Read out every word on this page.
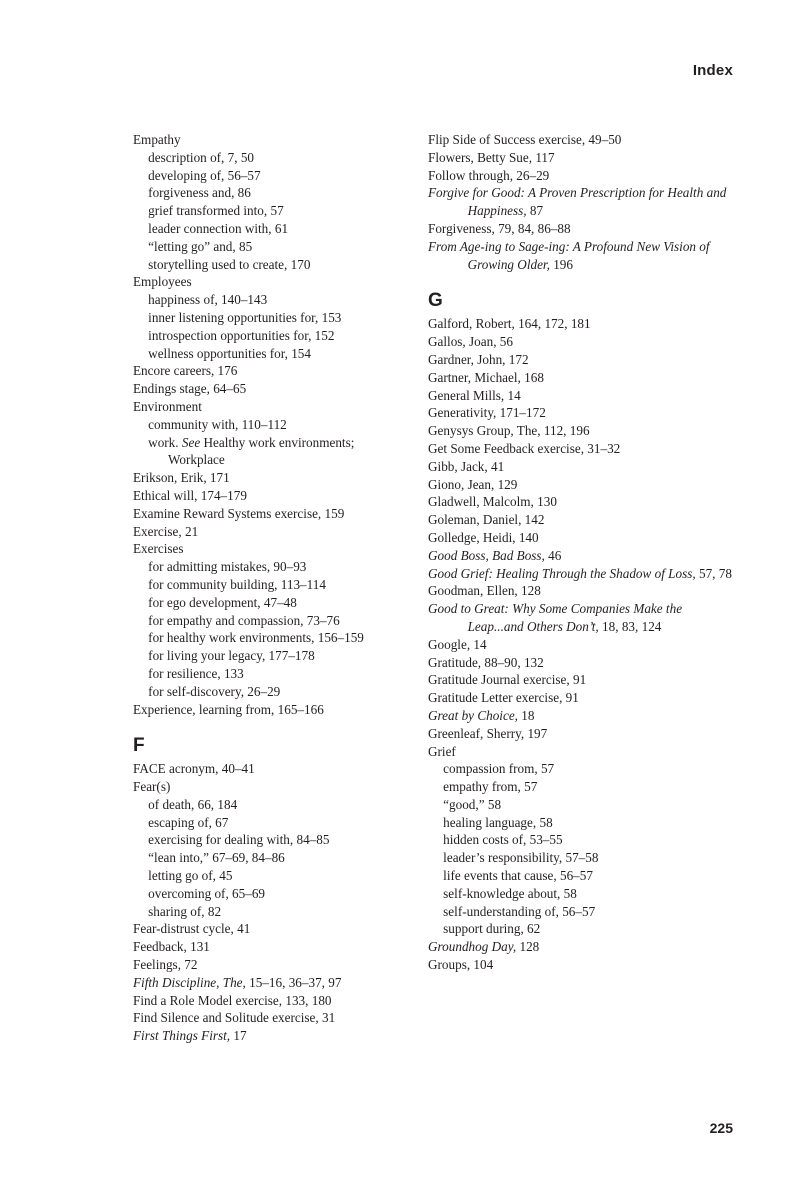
Index

Empathy

description of, 7, 50

developing of, 56–57

forgiveness and, 86

grief transformed into, 57

leader connection with, 61

“letting go” and, 85

storytelling used to create, 170

Employees

happiness of, 140–143

inner listening opportunities for, 153

introspection opportunities for, 152

wellness opportunities for, 154

Encore careers, 176

Endings stage, 64–65

Environment

community with, 110–112

work. See Healthy work environments; Workplace

Erikson, Erik, 171

Ethical will, 174–179

Examine Reward Systems exercise, 159

Exercise, 21

Exercises

for admitting mistakes, 90–93

for community building, 113–114

for ego development, 47–48

for empathy and compassion, 73–76

for healthy work environments, 156–159

for living your legacy, 177–178

for resilience, 133

for self-discovery, 26–29

Experience, learning from, 165–166

F

FACE acronym, 40–41

Fear(s)

of death, 66, 184

escaping of, 67

exercising for dealing with, 84–85

“lean into,” 67–69, 84–86

letting go of, 45

overcoming of, 65–69

sharing of, 82

Fear-distrust cycle, 41

Feedback, 131

Feelings, 72

Fifth Discipline, The, 15–16, 36–37, 97

Find a Role Model exercise, 133, 180

Find Silence and Solitude exercise, 31

First Things First, 17

Flip Side of Success exercise, 49–50

Flowers, Betty Sue, 117

Follow through, 26–29

Forgive for Good: A Proven Prescription for Health and Happiness, 87

Forgiveness, 79, 84, 86–88

From Age-ing to Sage-ing: A Profound New Vision of Growing Older, 196

G

Galford, Robert, 164, 172, 181

Gallos, Joan, 56

Gardner, John, 172

Gartner, Michael, 168

General Mills, 14

Generativity, 171–172

Genysys Group, The, 112, 196

Get Some Feedback exercise, 31–32

Gibb, Jack, 41

Giono, Jean, 129

Gladwell, Malcolm, 130

Goleman, Daniel, 142

Golledge, Heidi, 140

Good Boss, Bad Boss, 46

Good Grief: Healing Through the Shadow of Loss, 57, 78

Goodman, Ellen, 128

Good to Great: Why Some Companies Make the Leap...and Others Don’t, 18, 83, 124

Google, 14

Gratitude, 88–90, 132

Gratitude Journal exercise, 91

Gratitude Letter exercise, 91

Great by Choice, 18

Greenleaf, Sherry, 197

Grief

compassion from, 57

empathy from, 57

“good,” 58

healing language, 58

hidden costs of, 53–55

leader’s responsibility, 57–58

life events that cause, 56–57

self-knowledge about, 58

self-understanding of, 56–57

support during, 62

Groundhog Day, 128

Groups, 104

225
